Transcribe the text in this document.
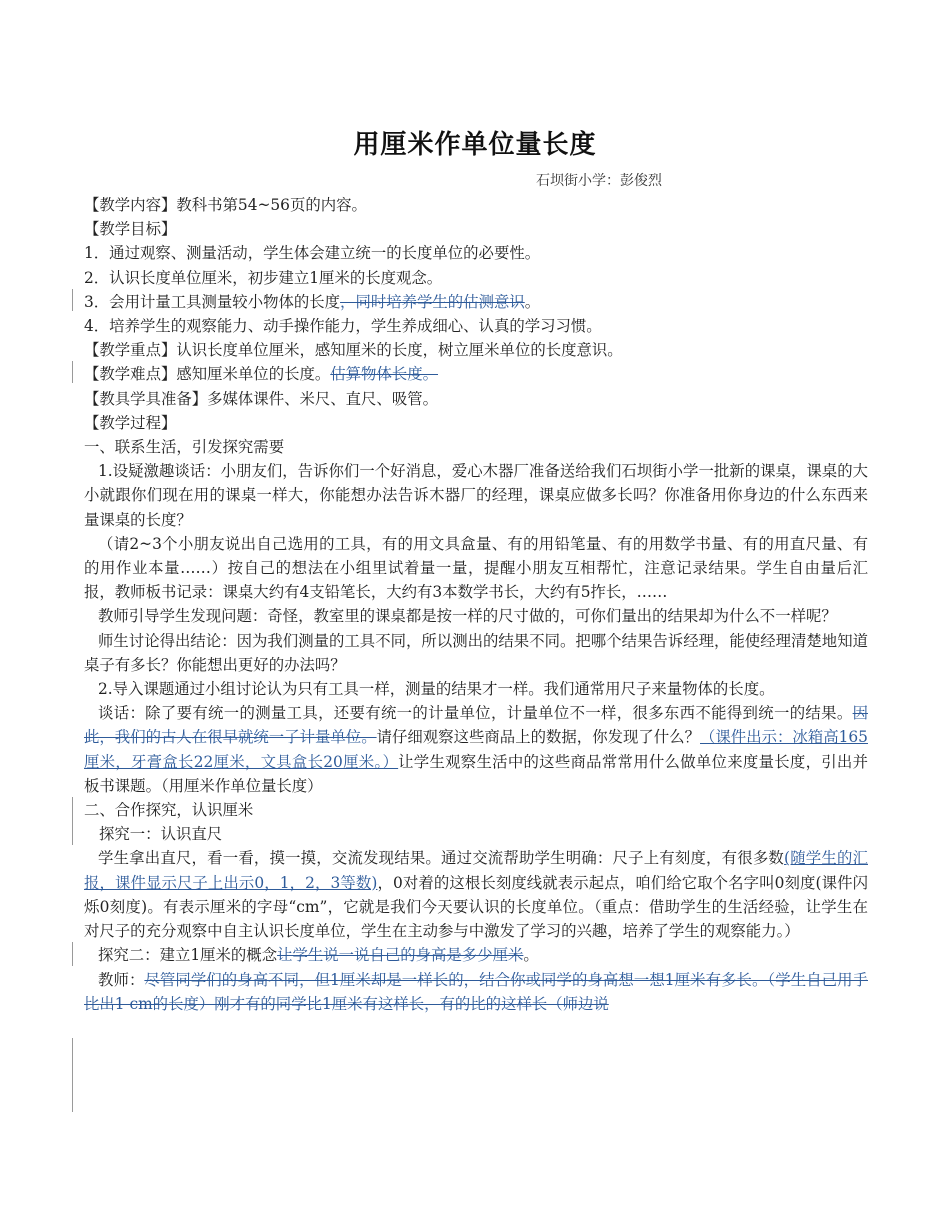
用厘米作单位量长度
石坝街小学：彭俊烈

【教学内容】教科书第54~56页的内容。

【教学目标】

1．通过观察、测量活动，学生体会建立统一的长度单位的必要性。

2．认识长度单位厘米，初步建立1厘米的长度观念。

3．会用计量工具测量较小物体的长度，同时培养学生的估测意识。

4．培养学生的观察能力、动手操作能力，学生养成细心、认真的学习习惯。

【教学重点】认识长度单位厘米，感知厘米的长度，树立厘米单位的长度意识。

【教学难点】感知厘米单位的长度。估算物体长度。

【教具学具准备】多媒体课件、米尺、直尺、吸管。

【教学过程】

一、联系生活，引发探究需要

1.设疑激趣谈话：小朋友们，告诉你们一个好消息，爱心木器厂准备送给我们石坝街小学一批新的课桌，课桌的大小就跟你们现在用的课桌一样大，你能想办法告诉木器厂的经理，课桌应做多长吗？你准备用你身边的什么东西来量课桌的长度？

（请2~3个小朋友说出自己选用的工具，有的用文具盒量、有的用铅笔量、有的用数学书量、有的用直尺量、有的用作业本量……）按自己的想法在小组里试着量一量，提醒小朋友互相帮忙，注意记录结果。学生自由量后汇报，教师板书记录：课桌大约有4支铅笔长，大约有3本数学书长，大约有5拃长，……

教师引导学生发现问题：奇怪，教室里的课桌都是按一样的尺寸做的，可你们量出的结果却为什么不一样呢？

师生讨论得出结论：因为我们测量的工具不同，所以测出的结果不同。把哪个结果告诉经理，能使经理清楚地知道桌子有多长？你能想出更好的办法吗？

2.导入课题通过小组讨论认为只有工具一样，测量的结果才一样。我们通常用尺子来量物体的长度。

谈话：除了要有统一的测量工具，还要有统一的计量单位，计量单位不一样，很多东西不能得到统一的结果。因此，我们的古人在很早就统一了计量单位。请仔细观察这些商品上的数据，你发现了什么？（课件出示：冰箱高165厘米，牙膏盒长22厘米，文具盒长20厘米。）让学生观察生活中的这些商品常常用什么做单位来度量长度，引出并板书课题。（用厘米作单位量长度）

二、合作探究，认识厘米

探究一：认识直尺

学生拿出直尺，看一看，摸一摸，交流发现结果。通过交流帮助学生明确：尺子上有刻度，有很多数(随学生的汇报，课件显示尺子上出示0，1，2，3等数)，0对着的这根长刻度线就表示起点，咱们给它取个名字叫0刻度(课件闪烁0刻度)。有表示厘米的字母“cm”，它就是我们今天要认识的长度单位。（重点：借助学生的生活经验，让学生在对尺子的充分观察中自主认识长度单位，学生在主动参与中激发了学习的兴趣，培养了学生的观察能力。）

探究二：建立1厘米的概念让学生说一说自己的身高是多少厘米。

教师：尽管同学们的身高不同，但1厘米却是一样长的，结合你或同学的身高想一想1厘米有多长。（学生自己用手比出1 cm的长度）刚才有的同学比1厘米有这样长，有的比的这样长（师边说
